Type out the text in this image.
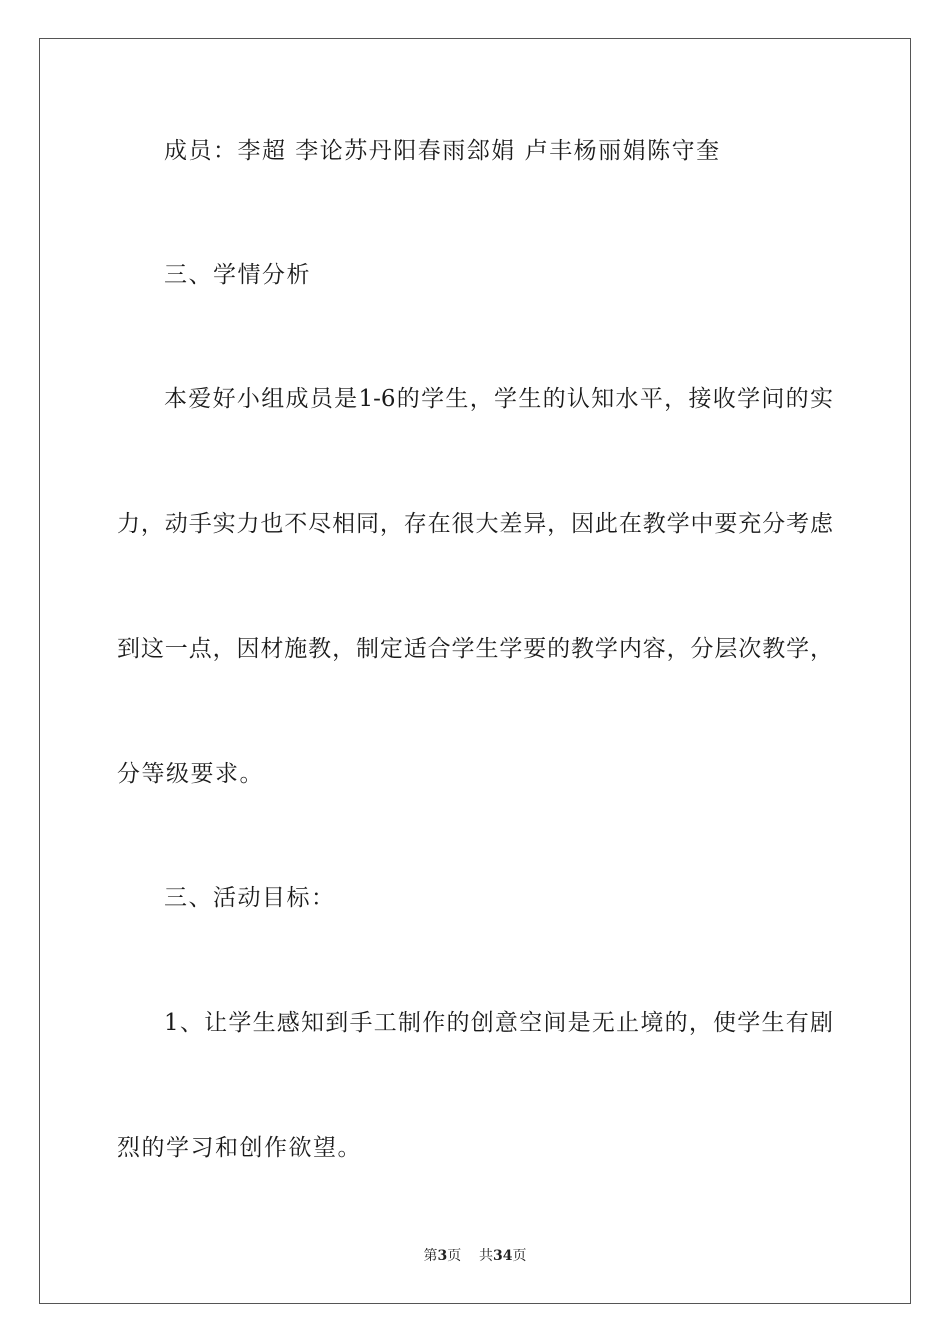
成员：李超 李论苏丹阳春雨郐娟 卢丰杨丽娟陈守奎
三、学情分析
本爱好小组成员是1-6的学生，学生的认知水平，接收学问的实
力，动手实力也不尽相同，存在很大差异，因此在教学中要充分考虑
到这一点，因材施教，制定适合学生学要的教学内容，分层次教学，
分等级要求。
三、活动目标：
1、让学生感知到手工制作的创意空间是无止境的，使学生有剧
烈的学习和创作欲望。
第3页 共34页
